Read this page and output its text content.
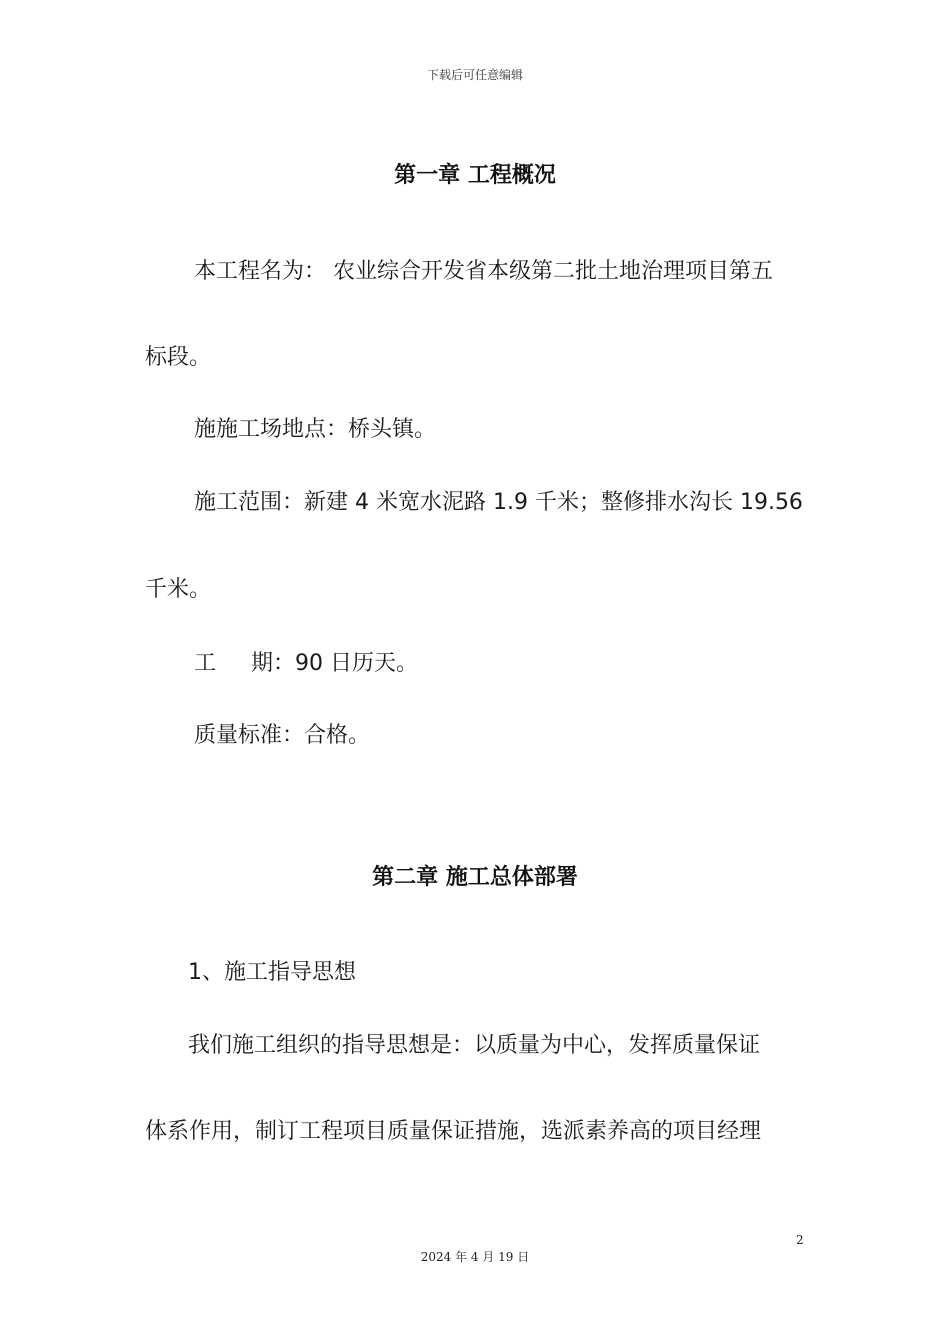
下载后可任意编辑
第一章 工程概况
本工程名为： 农业综合开发省本级第二批土地治理项目第五
标段。
施施工场地点：桥头镇。
施工范围：新建 4 米宽水泥路 1.9 千米；整修排水沟长 19.56
千米。
工     期：90 日历天。
质量标准：合格。
第二章 施工总体部署
1、施工指导思想
我们施工组织的指导思想是：以质量为中心，发挥质量保证
体系作用，制订工程项目质量保证措施，选派素养高的项目经理
2
2024 年 4 月 19 日
